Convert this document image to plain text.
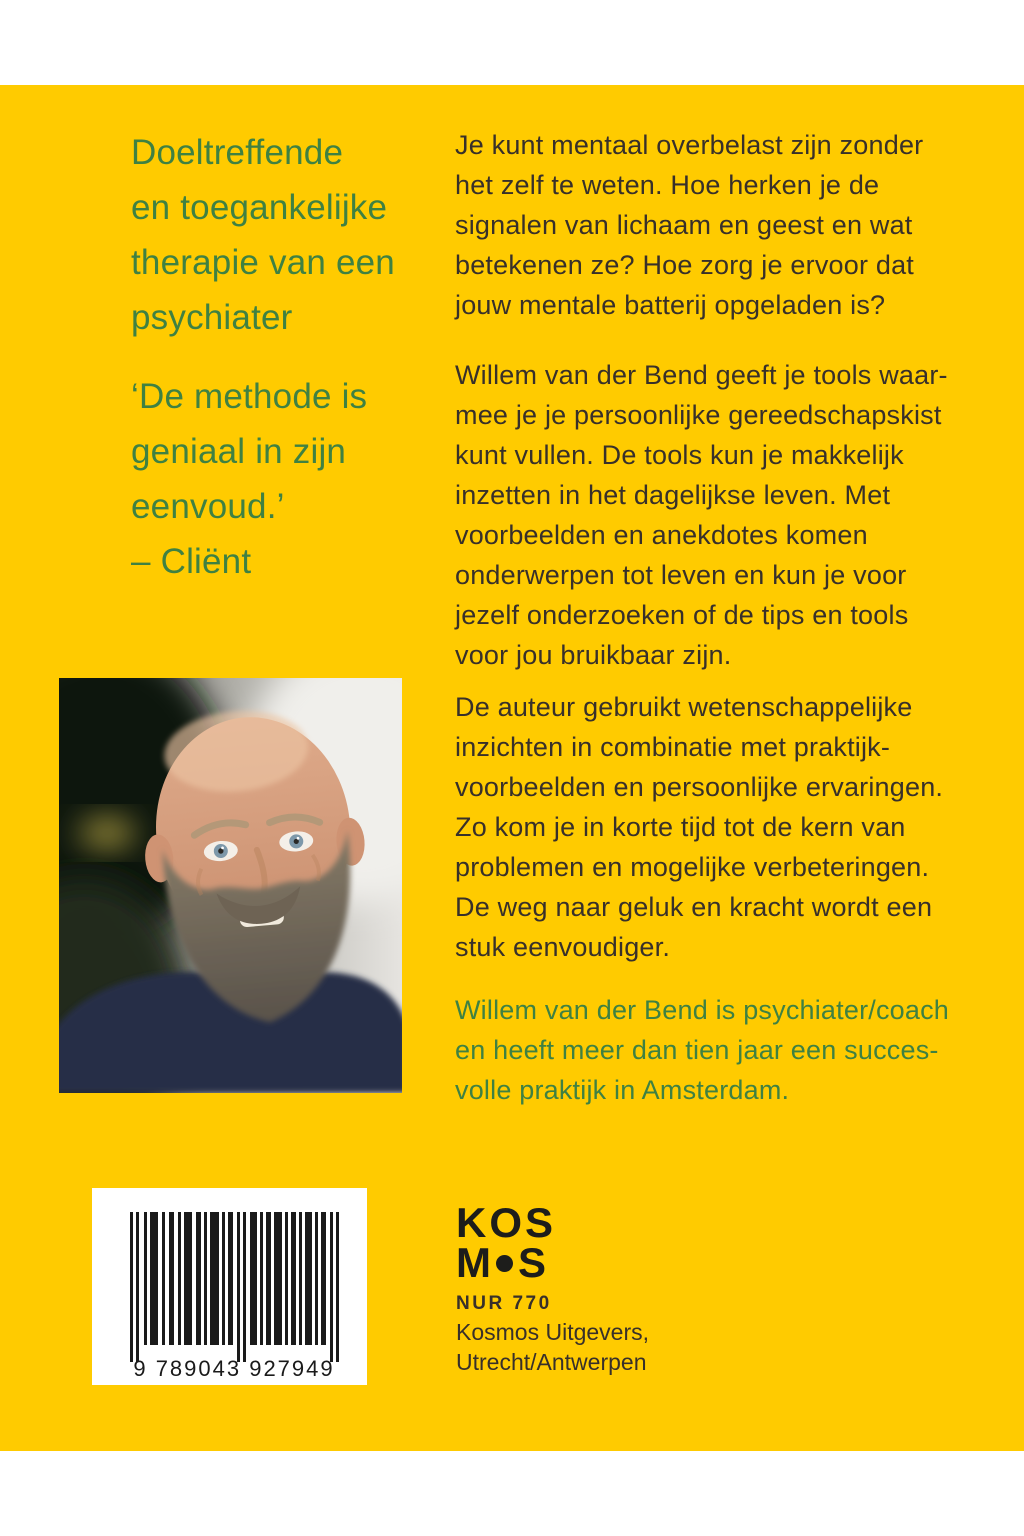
Doeltreffende
en toegankelijke
therapie van een
psychiater
‘De methode is
geniaal in zijn
eenvoud.’
– Cliënt
9 789043 927949
Je kunt mentaal overbelast zijn zonder
het zelf te weten. Hoe herken je de
signalen van lichaam en geest en wat
betekenen ze? Hoe zorg je ervoor dat
jouw mentale batterij opgeladen is?
Willem van der Bend geeft je tools waar-
mee je je persoonlijke gereedschapskist
kunt vullen. De tools kun je makkelijk
inzetten in het dagelijkse leven. Met
voorbeelden en anekdotes komen
onderwerpen tot leven en kun je voor
jezelf onderzoeken of de tips en tools
voor jou bruikbaar zijn.
De auteur gebruikt wetenschappelijke
inzichten in combinatie met praktijk-
voorbeelden en persoonlijke ervaringen.
Zo kom je in korte tijd tot de kern van
problemen en mogelijke verbeteringen.
De weg naar geluk en kracht wordt een
stuk eenvoudiger.
Willem van der Bend is psychiater/coach
en heeft meer dan tien jaar een succes-
volle praktijk in Amsterdam.
KOS
M S
NUR 770
Kosmos Uitgevers,
Utrecht/Antwerpen
